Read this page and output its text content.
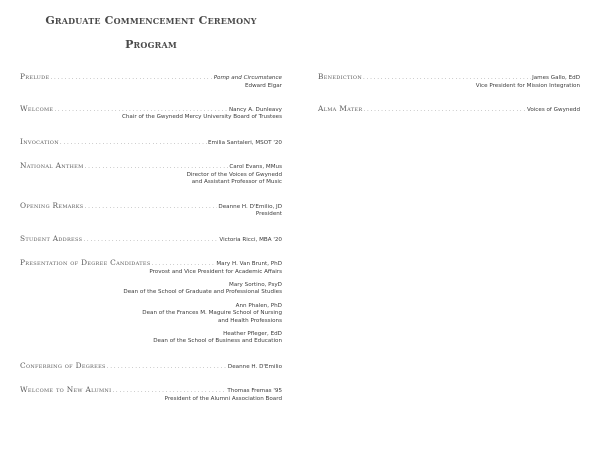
Graduate Commencement Ceremony
Program
Prelude . . .	Pomp and Circumstance
Edward Elgar
Welcome . . .	Nancy A. Dunleavy
Chair of the Gwynedd Mercy University Board of Trustees
Invocation . . .	Emilia Santaleri, MSOT '20
National Anthem . . .	Carol Evans, MMus
Director of the Voices of Gwynedd
and Assistant Professor of Music
Opening Remarks . . .	Deanne H. D'Emilio, JD
President
Student Address . . .	Victoria Ricci, MBA '20
Presentation of Degree Candidates . . .	Mary H. Van Brunt, PhD
Provost and Vice President for Academic Affairs
Mary Sortino, PsyD
Dean of the School of Graduate and Professional Studies
Ann Phalen, PhD
Dean of the Frances M. Maguire School of Nursing
and Health Professions
Heather Pfleger, EdD
Dean of the School of Business and Education
Conferring of Degrees . . .	Deanne H. D'Emilio
Welcome to New Alumni . . .	Thomas Fremas '95
President of the Alumni Association Board
Benediction . . .	James Gallo, EdD
Vice President for Mission Integration
Alma Mater . . .	Voices of Gwynedd
